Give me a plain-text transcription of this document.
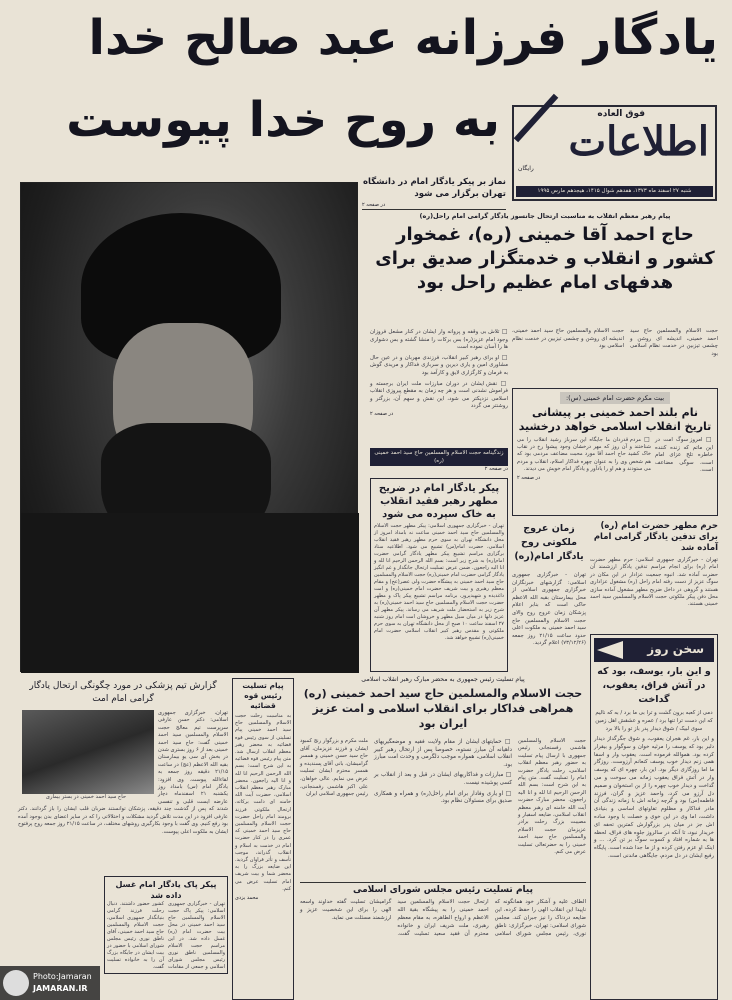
یادگار فرزانه عبد صالح خدا
به روح خدا پیوست	فوق العاده
اطلاعات
رایگان
شنبه ۲۷ اسفند ماه ۱۳۷۳، هفدهم شوال ۱۴۱۵، هیجدهم مارس ۱۹۹۵
نماز بر پیکر یادگار امام در دانشگاه تهران برگزار می شود
در صفحه ۲
پیام رهبر معظم انقلاب به مناسبت ارتحال جانسوز یادگار گرامی امام راحل(ره)
حاج احمد آقا خمینی (ره)، غمخوار کشور و انقلاب و خدمتگزار صدیق برای هدفهای امام عظیم راحل بود
حجت الاسلام والمسلمین حاج سید احمد خمینی، اندیشه ای روشن و چشمی تیزبین در خدمت نظام اسلامی بود

حجت الاسلام والمسلمین حاج سید احمد خمینی، اندیشه ای روشن و چشمی تیزبین در خدمت نظام اسلامی بود

□ تلاش بی وقفه و پروانه وار ایشان در کنار مشعل فروزان وجود امام عزیز(ره) بس برکات را منشا گشته و بس دشواری ها را آسان نموده است

□ او برای رهبر کبیر انقلاب، فرزندی مهربان و در عین حال مشاوری امین و یاری دیرین و سربازی فداکار و مریدی گوش به فرمان و کارگزاری لایق و کارآمد بود

□ نقش ایشان در دوران مبارزات ملت ایران برجسته و فراموش نشدنی است و هر چه زمان به مقطع پیروزی انقلاب اسلامی نزدیکتر می شود، این نقش و سهم آن، بزرگتر و روشنتر می گردد

در صفحه ۲

زندگینامه حجت الاسلام والمسلمین حاج سید احمد خمینی (ره)
در صفحه ۲
بیت مکرم حضرت امام خمینی (س):
نام بلند احمد خمینی بر پیشانی تاریخ انقلاب اسلامی خواهد درخشید

□ امروز سوگ امت در این ماتم که زنده کننده خاطره تلخ عزای امام است، سوگی مضاعف است.

□ مردم قدردان ما جایگاه این سرباز رشید انقلاب را می شناختند و آن روز که مهر درخشان وجود پیشوا رخ در نقاب خاک کشید حاج احمد آقا مورد محبت مضاعف مردمی بود که هم شخص وی را به عنوان چهره فداکار اسلام، انقلاب و مردم می ستودند و هم او را یادآور و یادگار امام خویش می دیدند.

در صفحه ۲
پیکر یادگار امام در ضریح مطهر رهبر فقید انقلاب به خاک سپرده می شود
تهران - خبرگزاری جمهوری اسلامی: پیکر مطهر حجت الاسلام والمسلمین حاج سید احمد خمینی ساعت نه بامداد امروز از محل دانشگاه تهران به سوی حرم مطهر رهبر فقید انقلاب اسلامی، حضرت امام(س) تشییع می شود. اطلاعیه ستاد برگزاری مراسم تشییع پیکر مطهر یادگار گرامی حضرت امام(ره) به شرح زیر است: بسم الله الرحمن الرحیم انا لله و انا الیه راجعون. ضمن عرض تسلیت ارتحال جانگداز و غم انگیز یادگار گرامی حضرت امام خمینی(ره) حجت الاسلام والمسلمین حاج سید احمد خمینی به پیشگاه حضرت ولی عصر(عج) و مقام معظم رهبری و بیت شریف حضرت امام خمینی(ره) و امت داغدیده و شهیدپرور، برنامه مراسم تشییع پیکر پاک و مطهر حضرت حجت الاسلام والمسلمین حاج سید احمد خمینی(ره) به شرح زیر به استحضار ملت شریف می رساند. پیکر مطهر آن عزیز دلها در میان سیل مطهر و خروشان امت امام روز شنبه ۲۷ اسفند ساعت ۱۰ صبح از محل دانشگاه تهران به سوی حرم ملکوتی و مقدس رهبر کبیر انقلاب اسلامی حضرت امام خمینی(ره) تشییع خواهد شد.
زمان عروج ملکوتی روح یادگار امام(ره)
تهران - خبرگزاری جمهوری اسلامی: گزارشهای خبرنگاران خبرگزاری جمهوری اسلامی از محل بیمارستان بقیه الله الاعظم حاکی است که بنابر اعلام پزشکان زمان عروج روح والای حجت الاسلام والمسلمین حاج سید احمد خمینی به ملکوت اعلی حدود ساعت ۲۱/۱۵ روز جمعه (۷۳/۱۲/۲۶) اعلام گردید.
حرم مطهر حضرت امام (ره) برای تدفین یادگار گرامی امام آماده شد
تهران - خبرگزاری جمهوری اسلامی: حرم مطهر حضرت امام (ره) برای انجام مراسم تدفین یادگار ارزشمند آن حضرت آماده شد. انبوه جمعیت عزادار در این مکان در سوگ عزیز از دست رفته امام راحل (ره) مشغول عزاداری هستند و گروهی در داخل ضریح مطهر مشغول آماده سازی محل دفن پیکر ملکوتی حجت الاسلام والمسلمین سید احمد خمینی هستند.
سخن روز
و این بار، یوسف، بود که در آتش فراق، یعقوب، گداخت
دمی از کعبه برون گشت و ترا بی ما برد / به که نالیم که این دست ترا تنها برد / عمره و عشقش اهل زمین سوی لبیک / شوق دیدار پدر باز تو را بالا برد
و این بار، غم هجران یعقوب، و شوق جگرگداز دیدار دلبر بود که یوسف را مرثیه خوان و سوگوار و بیقرار کرده بود. هموالله فرموده است. یعقوب وار و اسفا همی زنم دیدار خوب یوسف کنعانم آرزوست. روزگار ما اما روزگاری دیگر بود. این بار، چهره ای که یوسف وار در آتش فراق یعقوب زمانه می سوخت و می گداخت و دیدار خوب چهره را از بن استخوان و صمیم دل آرزو می کرد، واحمد عزیز و گران، فرزند فاطمه(س) بود و گرچه زمانه اش با زمانه زندگی آن مادر فداکار و مظلوم تفاوتهای اساسی و بنیادی داشت، اما وی در این خوی و خصلت با وجود ساده اش جز در میان پدر بزرگوارش کمترین تحفه ای خریدار نبود، تا آنکه در سالروز جلوه های فراق، لحظه ها به شماره افتاد و کسوت سوگ بر تن کرد. ... و اینک او عزم رفتن کرده و از ما جدا شده است. پایگاه رفیع ایشان در دل مردم، جایگاهی ماندنی است.
پیام تسلیت رئیس جمهوری به محضر مبارک رهبر انقلاب اسلامی
حجت الاسلام والمسلمین حاج سید احمد خمینی (ره) همراهی فداکار برای انقلاب اسلامی و امت عزیز ایران بود
ملت مکرم و بزرگوار رنج کمبود ایشان و فرزند عزیزمان، آقای حاج سید حسن خمینی و همسر گرامیشان، بانی آقای پسندیده و همسر محترم ایشان تسلیت عرض می نمایم. عالی خواهان، علی اکبر هاشمی رفسنجانی، رئیس جمهوری اسلامی ایران

□ حمایتهای ایشان از مقام ولایت فقیه و موضعگیریهای داهیانه آن مبارز نستوه، خصوصا پس از ارتحال رهبر کبیر انقلاب اسلامی، همواره موجب دلگرمی و وحدت امت مبارز بود.

□ مبارزات و فداکاریهای ایشان در قبل و بعد از انقلاب بر کسی پوشیده نیست.

□ او یاری وفادار برای امام راحل(ره) و همراه و همکاری صدیق برای مسئولان نظام بود.

حجت الاسلام والمسلمین هاشمی رفسنجانی رئیس جمهوری با ارسال پیام تسلیت به حضور رهبر معظم انقلاب اسلامی، رحلت یادگار حضرت امام را تسلیت گفت. متن پیام به این شرح است: بسم الله الرحمن الرحیم انا لله و انا الیه راجعون. محضر مبارک حضرت آیت الله خامنه ای رهبر معظم انقلاب اسلامی، ضایعه اسفبار و مصیبت بزرگ رحلت برادر عزیزمان حجت الاسلام والمسلمین حاج سید احمد خمینی را به حضرتعالی تسلیت عرض می کنم.
پیام تسلیت رئیس مجلس شورای اسلامی
الطاف علیه و آشکار خود همانگونه که ناپیدا این انقلاب الهی را حفظ کرده، این ضایعه دردناک را نیز جبران کند. مجلس شورای اسلامی: تهران، خبرگزاری: ناطق نوری، رئیس مجلس شورای اسلامی ارتحال حجت الاسلام والمسلمین سید احمد خمینی را به پیشگاه بقیة الله الاعظم و ارواح الطاهره، به مقام معظم رهبری، ملت شریف ایران و خانواده محترم آن فقید سعید تسلیت گفت. گرامیشان تسلیت گفته خداوند واسعه الهی را برای این شخصیت عزیز و ارزشمند مسئلت می نماید.
پیام تسلیت رئیس قوه قضائیه
به مناسبت رحلت حجت الاسلام والمسلمین حاج سید احمد خمینی پیام تسلیتی از سوی رئیس قوه قضائیه به محضر رهبر معظم انقلاب ارسال شد. متن پیام رئیس قوه قضائیه به این شرح است: بسم الله الرحمن الرحیم انا لله و انا الیه راجعون. محضر مبارک رهبر معظم انقلاب اسلامی، حضرت آیت الله خامنه ای دامت برکاته، ارتحال ملکوتی فرزند برومند امام راحل حضرت حجت الاسلام والمسلمین حاج سید احمد خمینی که عمری را در کنار حضرت امام در خدمت به اسلام و انقلاب گذراند، موجب تأسف و تأثر فراوان گردید. این ضایعه بزرگ را به محضر شما و بیت شریف امام تسلیت عرض می کنم.
محمد یزدی
گزارش تیم پزشکی در مورد چگونگی ارتحال یادگار گرامی امام امت
حاج سید احمد خمینی در بستر بیماری

تهران، خبرگزاری جمهوری اسلامی: دکتر حسن عارفی سرپرست تیم معالج حجت الاسلام والمسلمین سید احمد خمینی گفت: حاج سید احمد خمینی بعد از ۶ روز بستری شدن در بخش آی سی یو بیمارستان بقیه الله الاعظم (عج) در ساعت ۲۱/۱۵ دقیقه روز جمعه به لقاءالله پیوست. وی افزود: یادگار امام (س) بامداد روز یکشنبه ۲۱ اسفندماه دچار عارضه ایست قلبی و تنفسی شدند که پس از گذشت چند دقیقه، پزشکان توانستند ضربان قلب ایشان را باز گردانند. دکتر عارفی افزود در این مدت تلاش گردید مشکلات و اختلالاتی را که در سایر اعضای بدن بوجود آمده بود رفع کنیم. وی گفت با وجود بکارگیری روشهای مختلف، در ساعت ۲۱/۱۵ روز جمعه روح پرفتوح ایشان به ملکوت اعلی پیوست.

پیکر پاک یادگار امام غسل داده شد
تهران - خبرگزاری جمهوری اسلامی: پیکر پاک حجت الاسلام والمسلمین حاج سید احمد خمینی در محل بیت حضرت امام (ره) غسل داده شد. در این مراسم حجت الاسلام والمسلمین ناطق نوری رئیس مجلس شورای اسلامی و جمعی از مقامات کشور حضور داشتند. دنبال رحلت فرزند گرامی بنیانگذار جمهوری اسلامی، حجت الاسلام والمسلمین حاج سید احمد خمینی، آقای ناطق نوری رئیس مجلس شورای اسلامی با حضور در بیت ایشان در جایگاه بزرگ آن را به خانواده تسلیت گفت.
Photo:Jamaran
JAMARAN.IR
